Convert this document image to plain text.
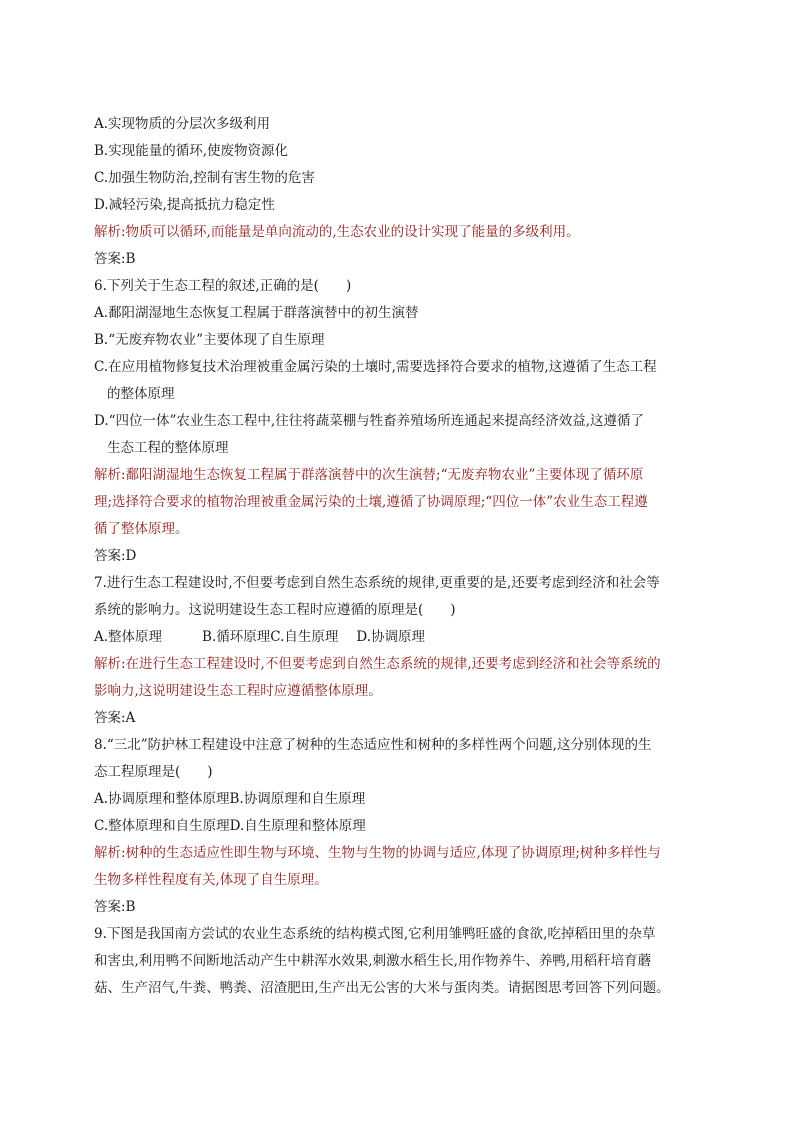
A.实现物质的分层次多级利用
B.实现能量的循环,使废物资源化
C.加强生物防治,控制有害生物的危害
D.减轻污染,提高抵抗力稳定性
解析:物质可以循环,而能量是单向流动的,生态农业的设计实现了能量的多级利用。
答案:B
6.下列关于生态工程的叙述,正确的是(　　)
A.鄱阳湖湿地生态恢复工程属于群落演替中的初生演替
B.“无废弃物农业”主要体现了自生原理
C.在应用植物修复技术治理被重金属污染的土壤时,需要选择符合要求的植物,这遵循了生态工程
的整体原理
D.“四位一体”农业生态工程中,往往将蔬菜棚与牲畜养殖场所连通起来提高经济效益,这遵循了
生态工程的整体原理
解析:鄱阳湖湿地生态恢复工程属于群落演替中的次生演替;“无废弃物农业”主要体现了循环原
理;选择符合要求的植物治理被重金属污染的土壤,遵循了协调原理;“四位一体”农业生态工程遵
循了整体原理。
答案:D
7.进行生态工程建设时,不但要考虑到自然生态系统的规律,更重要的是,还要考虑到经济和社会等
系统的影响力。这说明建设生态工程时应遵循的原理是(　　)
A.整体原理	B.循环原理C.自生原理 D.协调原理
解析:在进行生态工程建设时,不但要考虑到自然生态系统的规律,还要考虑到经济和社会等系统的
影响力,这说明建设生态工程时应遵循整体原理。
答案:A
8.“三北”防护林工程建设中注意了树种的生态适应性和树种的多样性两个问题,这分别体现的生
态工程原理是(　　)
A.协调原理和整体原理B.协调原理和自生原理
C.整体原理和自生原理D.自生原理和整体原理
解析:树种的生态适应性即生物与环境、生物与生物的协调与适应,体现了协调原理;树种多样性与
生物多样性程度有关,体现了自生原理。
答案:B
9.下图是我国南方尝试的农业生态系统的结构模式图,它利用雏鸭旺盛的食欲,吃掉稻田里的杂草
和害虫,利用鸭不间断地活动产生中耕浑水效果,刺激水稻生长,用作物养牛、养鸭,用稻秆培育蘑
菇、生产沼气,牛粪、鸭粪、沼渣肥田,生产出无公害的大米与蛋肉类。请据图思考回答下列问题。
